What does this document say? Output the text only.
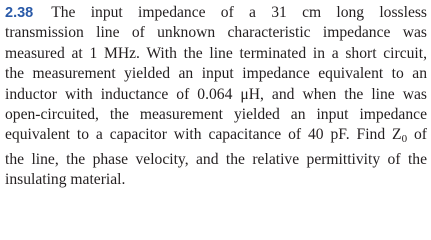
2.38 The input impedance of a 31 cm long lossless
transmission line of unknown characteristic impedance was
measured at 1 MHz. With the line terminated in a short circuit,
the measurement yielded an input impedance equivalent to an
inductor with inductance of 0.064 μH, and when the line was
open-circuited, the measurement yielded an input impedance
equivalent to a capacitor with capacitance of 40 pF. Find $Z_0$ of
the line, the phase velocity, and the relative permittivity of the
insulating material.
